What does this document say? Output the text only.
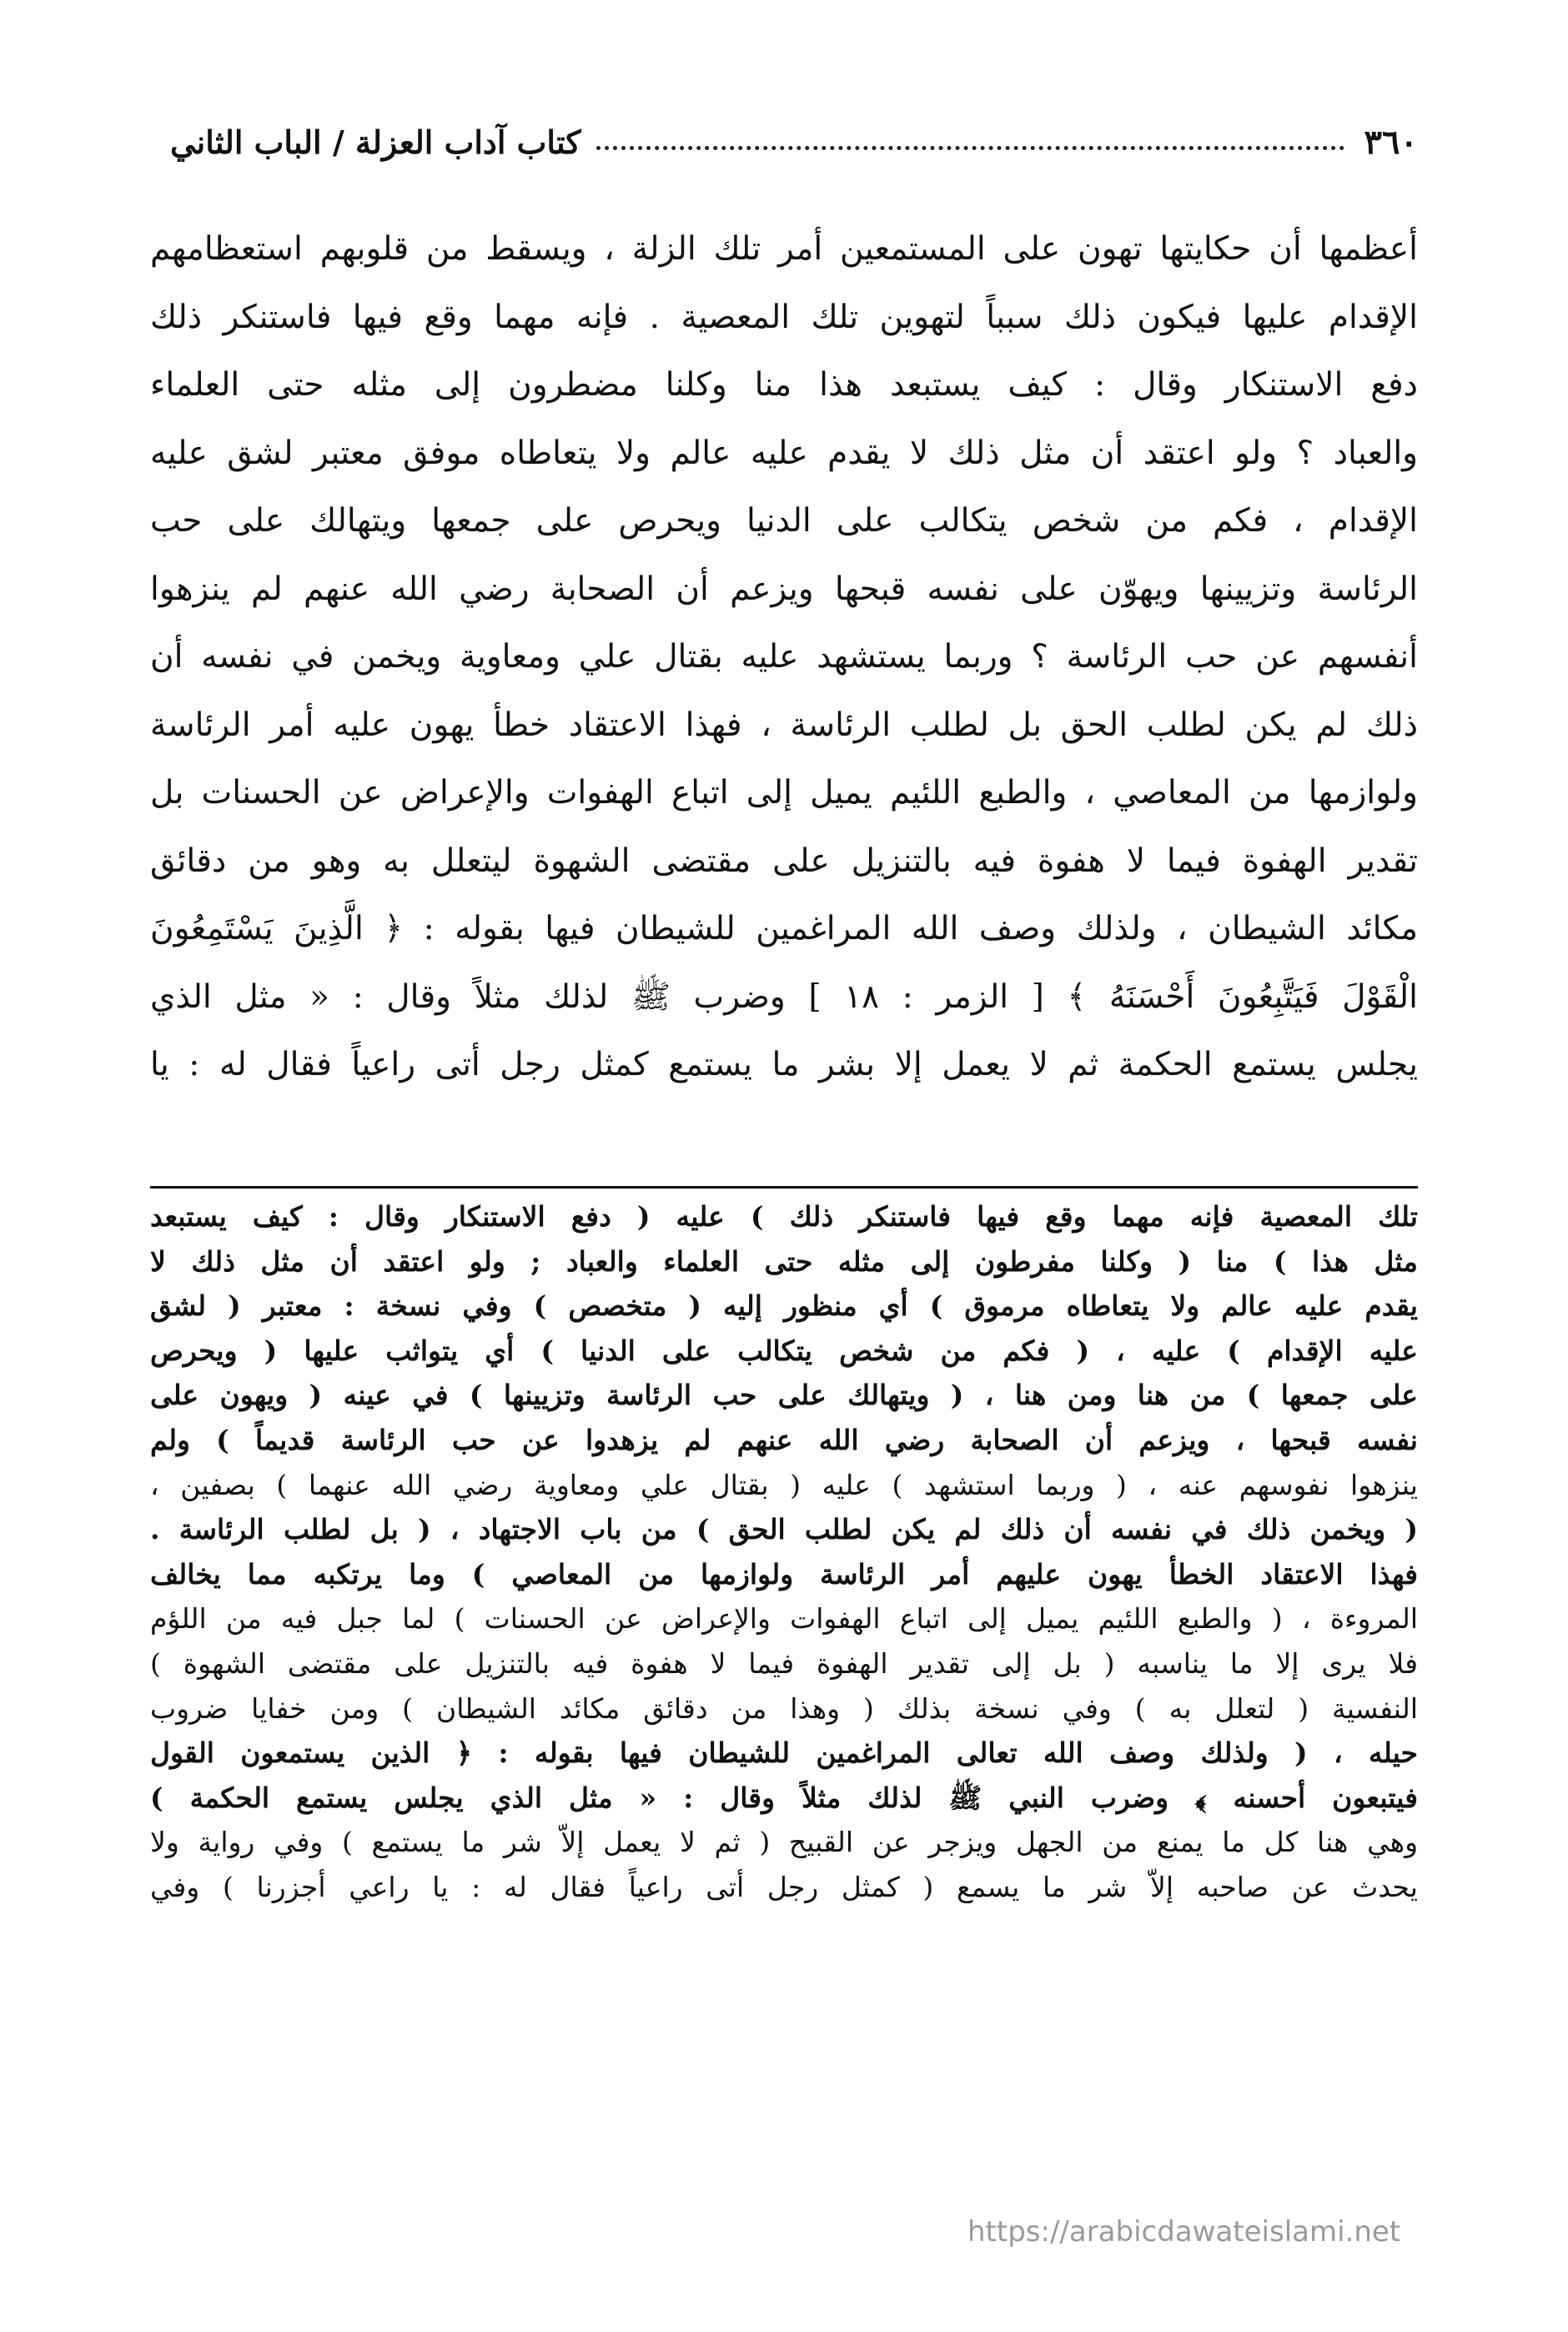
٣٦٠
كتاب آداب العزلة / الباب الثاني
أعظمها أن حكايتها تهون على المستمعين أمر تلك الزلة ، ويسقط من قلوبهم استعظامهم
الإقدام عليها فيكون ذلك سبباً لتهوين تلك المعصية . فإنه مهما وقع فيها فاستنكر ذلك
دفع الاستنكار وقال : كيف يستبعد هذا منا وكلنا مضطرون إلى مثله حتى العلماء
والعباد ؟ ولو اعتقد أن مثل ذلك لا يقدم عليه عالم ولا يتعاطاه موفق معتبر لشق عليه
الإقدام ، فكم من شخص يتكالب على الدنيا ويحرص على جمعها ويتهالك على حب
الرئاسة وتزيينها ويهوّن على نفسه قبحها ويزعم أن الصحابة رضي الله عنهم لم ينزهوا
أنفسهم عن حب الرئاسة ؟ وربما يستشهد عليه بقتال علي ومعاوية ويخمن في نفسه أن
ذلك لم يكن لطلب الحق بل لطلب الرئاسة ، فهذا الاعتقاد خطأ يهون عليه أمر الرئاسة
ولوازمها من المعاصي ، والطبع اللئيم يميل إلى اتباع الهفوات والإعراض عن الحسنات بل
تقدير الهفوة فيما لا هفوة فيه بالتنزيل على مقتضى الشهوة ليتعلل به وهو من دقائق
مكائد الشيطان ، ولذلك وصف الله المراغمين للشيطان فيها بقوله : ﴿ الَّذِينَ يَسْتَمِعُونَ
الْقَوْلَ فَيَتَّبِعُونَ أَحْسَنَهُ ﴾ [ الزمر : ١٨ ] وضرب ﷺ لذلك مثلاً وقال : « مثل الذي
يجلس يستمع الحكمة ثم لا يعمل إلا بشر ما يستمع كمثل رجل أتى راعياً فقال له : يا
تلك المعصية فإنه مهما وقع فيها فاستنكر ذلك ) عليه ( دفع الاستنكار وقال : كيف يستبعد
مثل هذا ) منا ( وكلنا مفرطون إلى مثله حتى العلماء والعباد ; ولو اعتقد أن مثل ذلك لا
يقدم عليه عالم ولا يتعاطاه مرموق ) أي منظور إليه ( متخصص ) وفي نسخة : معتبر ( لشق
عليه الإقدام ) عليه ، ( فكم من شخص يتكالب على الدنيا ) أي يتواثب عليها ( ويحرص
على جمعها ) من هنا ومن هنا ، ( ويتهالك على حب الرئاسة وتزيينها ) في عينه ( ويهون على
نفسه قبحها ، ويزعم أن الصحابة رضي الله عنهم لم يزهدوا عن حب الرئاسة قديماً ) ولم
ينزهوا نفوسهم عنه ، ( وربما استشهد ) عليه ( بقتال علي ومعاوية رضي الله عنهما ) بصفين ،
( ويخمن ذلك في نفسه أن ذلك لم يكن لطلب الحق ) من باب الاجتهاد ، ( بل لطلب الرئاسة .
فهذا الاعتقاد الخطأ يهون عليهم أمر الرئاسة ولوازمها من المعاصي ) وما يرتكبه مما يخالف
المروءة ، ( والطبع اللئيم يميل إلى اتباع الهفوات والإعراض عن الحسنات ) لما جبل فيه من اللؤم
فلا يرى إلا ما يناسبه ( بل إلى تقدير الهفوة فيما لا هفوة فيه بالتنزيل على مقتضى الشهوة )
النفسية ( لتعلل به ) وفي نسخة بذلك ( وهذا من دقائق مكائد الشيطان ) ومن خفايا ضروب
حيله ، ( ولذلك وصف الله تعالى المراغمين للشيطان فيها بقوله : ﴿ الذين يستمعون القول
فيتبعون أحسنه ﴾ وضرب النبي ﷺ لذلك مثلاً وقال : « مثل الذي يجلس يستمع الحكمة )
وهي هنا كل ما يمنع من الجهل ويزجر عن القبيح ( ثم لا يعمل إلاّ شر ما يستمع ) وفي رواية ولا
يحدث عن صاحبه إلاّ شر ما يسمع ( كمثل رجل أتى راعياً فقال له : يا راعي أجزرنا ) وفي
https://arabicdawateislami.net
